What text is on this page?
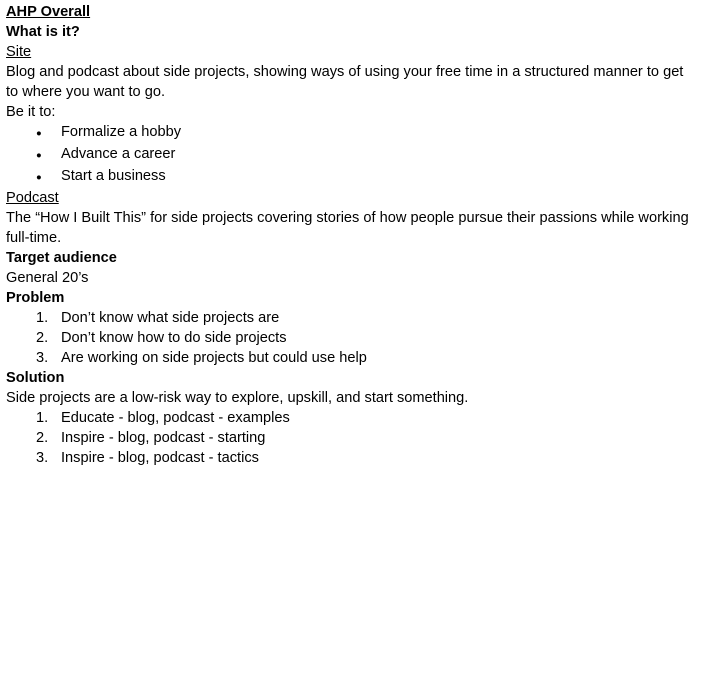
AHP Overall

What is it?

Site

Blog and podcast about side projects, showing ways of using your free time in a structured manner to get to where you want to go.

Be it to:

●	Formalize a hobby
●	Advance a career
●	Start a business

Podcast

The “How I Built This” for side projects covering stories of how people pursue their passions while working full-time.

Target audience

General 20’s

Problem

1. Don’t know what side projects are
2. Don’t know how to do side projects
3. Are working on side projects but could use help

Solution

Side projects are a low-risk way to explore, upskill, and start something.

1. Educate - blog, podcast - examples
2. Inspire - blog, podcast - starting
3. Inspire - blog, podcast - tactics
